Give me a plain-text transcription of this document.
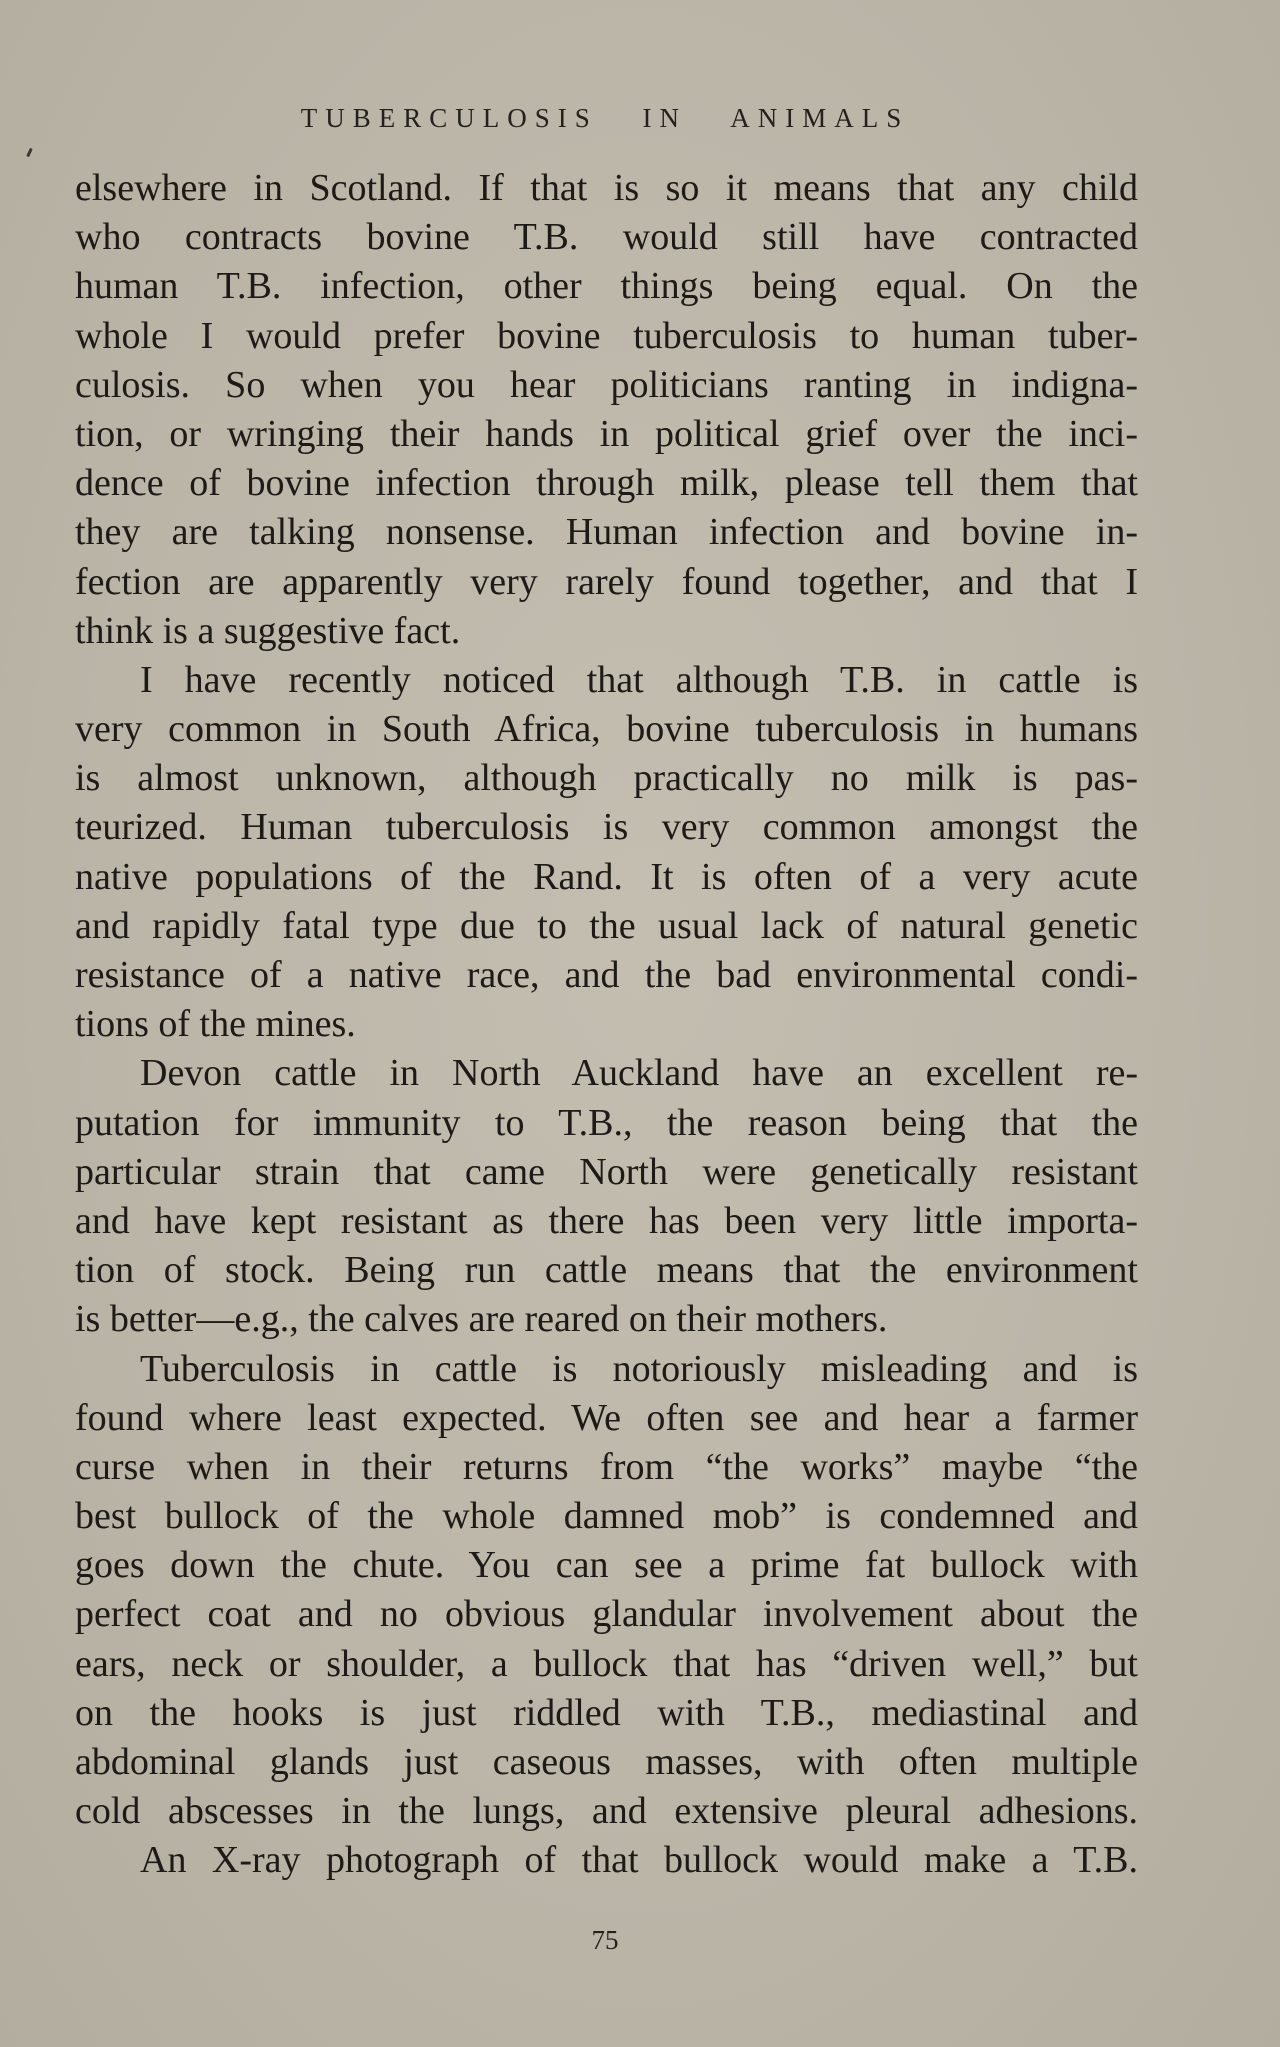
TUBERCULOSIS IN ANIMALS
elsewhere in Scotland. If that is so it means that any child
who contracts bovine T.B. would still have contracted
human T.B. infection, other things being equal. On the
whole I would prefer bovine tuberculosis to human tuber-
culosis. So when you hear politicians ranting in indigna-
tion, or wringing their hands in political grief over the inci-
dence of bovine infection through milk, please tell them that
they are talking nonsense. Human infection and bovine in-
fection are apparently very rarely found together, and that I
think is a suggestive fact.
I have recently noticed that although T.B. in cattle is
very common in South Africa, bovine tuberculosis in humans
is almost unknown, although practically no milk is pas-
teurized. Human tuberculosis is very common amongst the
native populations of the Rand. It is often of a very acute
and rapidly fatal type due to the usual lack of natural genetic
resistance of a native race, and the bad environmental condi-
tions of the mines.
Devon cattle in North Auckland have an excellent re-
putation for immunity to T.B., the reason being that the
particular strain that came North were genetically resistant
and have kept resistant as there has been very little importa-
tion of stock. Being run cattle means that the environment
is better—e.g., the calves are reared on their mothers.
Tuberculosis in cattle is notoriously misleading and is
found where least expected. We often see and hear a farmer
curse when in their returns from “the works” maybe “the
best bullock of the whole damned mob” is condemned and
goes down the chute. You can see a prime fat bullock with
perfect coat and no obvious glandular involvement about the
ears, neck or shoulder, a bullock that has “driven well,” but
on the hooks is just riddled with T.B., mediastinal and
abdominal glands just caseous masses, with often multiple
cold abscesses in the lungs, and extensive pleural adhesions.
An X-ray photograph of that bullock would make a T.B.
75
